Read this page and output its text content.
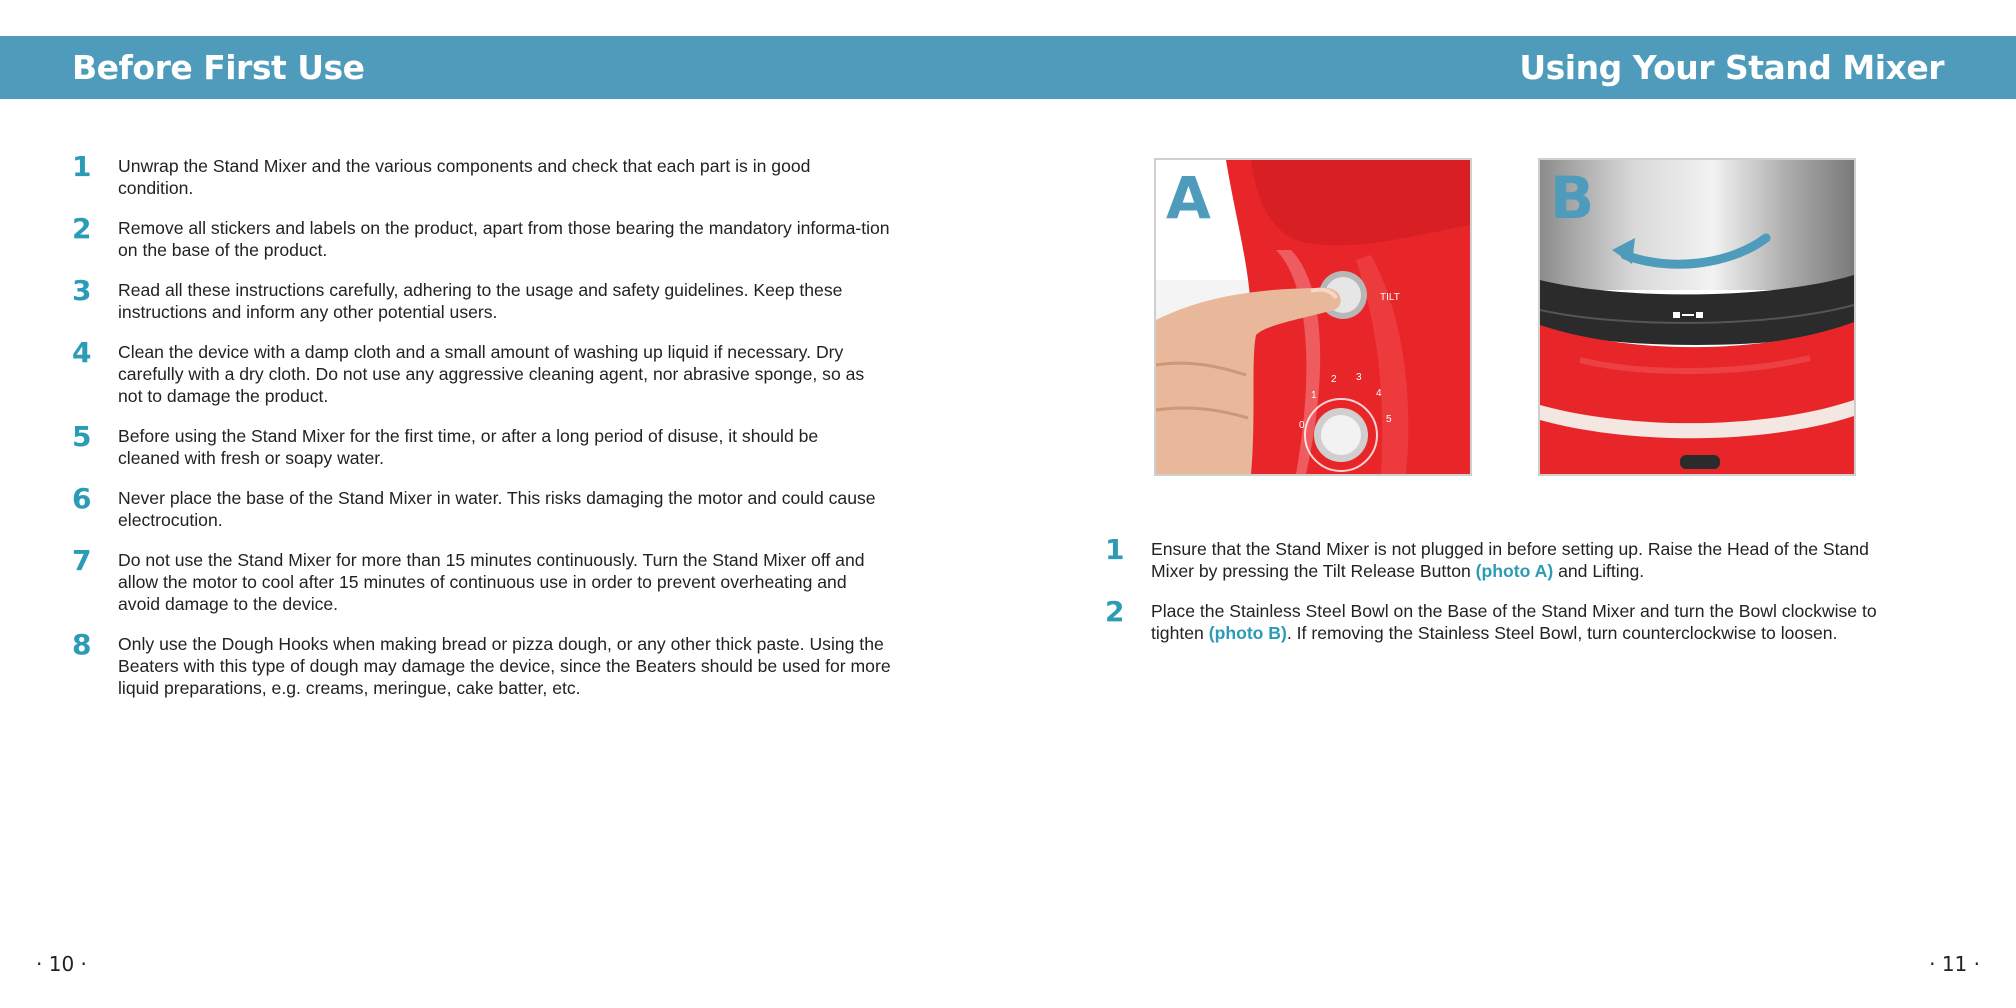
Before First Use	Using Your Stand Mixer
1	Unwrap the Stand Mixer and the various components and check that each part is in good condition.
2	Remove all stickers and labels on the product, apart from those bearing the mandatory informa-tion on the base of the product.
3	Read all these instructions carefully, adhering to the usage and safety guidelines. Keep these instructions and inform any other potential users.
4	Clean the device with a damp cloth and a small amount of washing up liquid if necessary. Dry carefully with a dry cloth. Do not use any aggressive cleaning agent, nor abrasive sponge, so as not to damage the product.
5	Before using the Stand Mixer for the first time, or after a long period of disuse, it should be cleaned with fresh or soapy water.
6	Never place the base of the Stand Mixer in water. This risks damaging the motor and could cause electrocution.
7	Do not use the Stand Mixer for more than 15 minutes continuously. Turn the Stand Mixer off and allow the motor to cool after 15 minutes of continuous use in order to prevent overheating and avoid damage to the device.
8	Only use the Dough Hooks when making bread or pizza dough, or any other thick paste. Using the Beaters with this type of dough may damage the device, since the Beaters should be used for more liquid preparations, e.g. creams, meringue, cake batter, etc.
TILT
0
1
2 3
4
5
A	B
1	Ensure that the Stand Mixer is not plugged in before setting up. Raise the Head of the Stand Mixer by pressing the Tilt Release Button (photo A) and Lifting.
2	Place the Stainless Steel Bowl on the Base of the Stand Mixer and turn the Bowl clockwise to tighten (photo B). If removing the Stainless Steel Bowl, turn counterclockwise to loosen.
· 10 ·	· 11 ·
